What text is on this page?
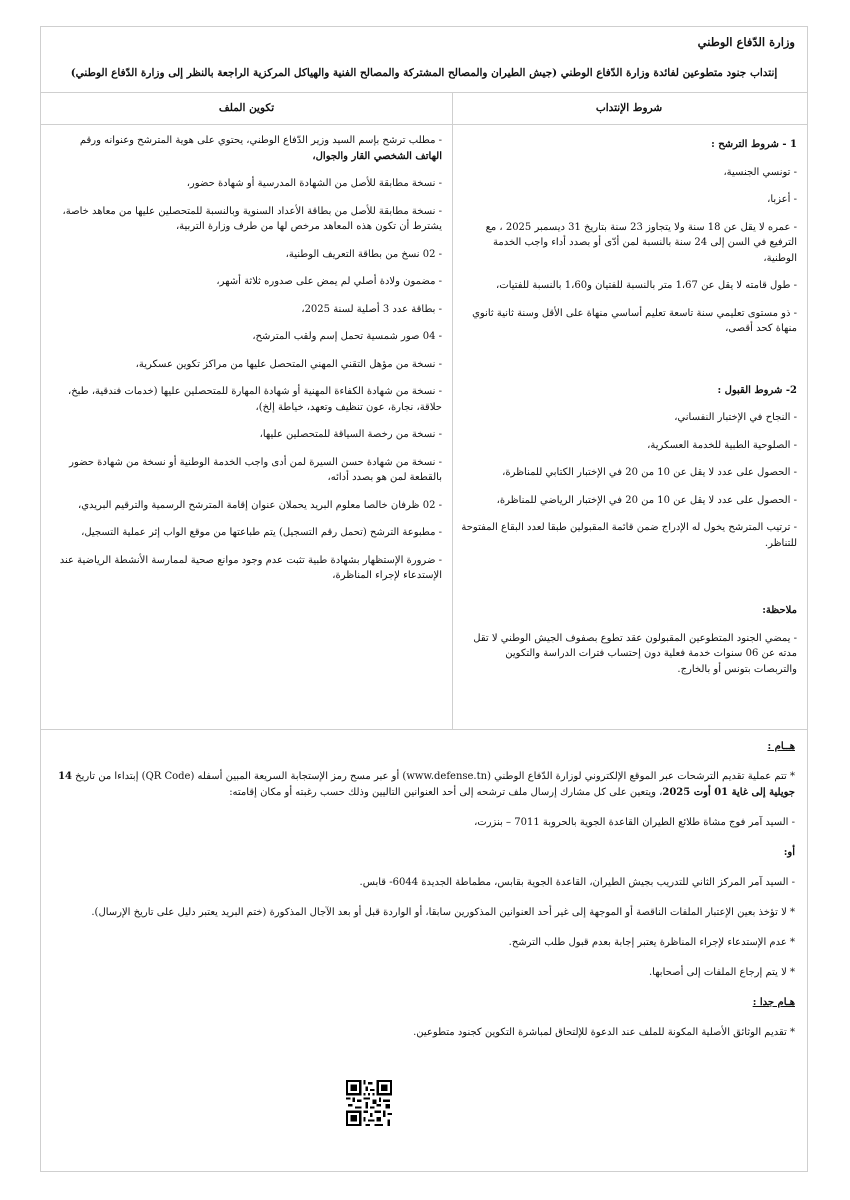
وزارة الدّفاع الوطني
إنتداب جنود متطوعين لفائدة وزارة الدّفاع الوطني (جيش الطيران والمصالح المشتركة والمصالح الفنية والهياكل المركزية الراجعة بالنظر إلى وزارة الدّفاع الوطني)
شروط الإنتداب
1 - شروط الترشح :
- تونسي الجنسية،
- أعزبا،
- عمره لا يقل عن 18 سنة ولا يتجاوز 23 سنة بتاريخ 31 ديسمبر 2025 ، مع الترفيع في السن إلى 24 سنة بالنسبة لمن أدّى أو بصدد أداء واجب الخدمة الوطنية،
- طول قامته لا يقل عن 1،67 متر بالنسبة للفتيان و1،60 بالنسبة للفتيات،
- ذو مستوى تعليمي سنة تاسعة تعليم أساسي منهاة على الأقل وسنة ثانية ثانوي منهاة كحد أقصى،
2- شروط القبول :
- النجاح في الإختبار النفساني،
- الصلوحية الطبية للخدمة العسكرية،
- الحصول على عدد لا يقل عن 10 من 20 في الإختبار الكتابي للمناظرة،
- الحصول على عدد لا يقل عن 10 من 20 في الإختبار الرياضي للمناظرة،
- ترتيب المترشح يخول له الإدراج ضمن قائمة المقبولين طبقا لعدد البقاع المفتوحة للتناظر.
ملاحظة:
- يمضي الجنود المتطوعين المقبولون عقد تطوع بصفوف الجيش الوطني لا تقل مدته عن 06 سنوات خدمة فعلية دون إحتساب فترات الدراسة والتكوين والتربصات بتونس أو بالخارج.
تكوين الملف
- مطلب ترشح بإسم السيد وزير الدّفاع الوطني، يحتوي على هوية المترشح وعنوانه ورقم الهاتف الشخصي القار والجوال،
- نسخة مطابقة للأصل من الشهادة المدرسية أو شهادة حضور،
- نسخة مطابقة للأصل من بطاقة الأعداد السنوية وبالنسبة للمتحصلين عليها من معاهد خاصة، يشترط أن تكون هذه المعاهد مرخص لها من طرف وزارة التربية،
- 02 نسخ من بطاقة التعريف الوطنية،
- مضمون ولادة أصلي لم يمض على صدوره ثلاثة أشهر،
- بطاقة عدد 3 أصلية لسنة 2025،
- 04 صور شمسية تحمل إسم ولقب المترشح،
- نسخة من مؤهل التقني المهني المتحصل عليها من مراكز تكوين عسكرية،
- نسخة من شهادة الكفاءة المهنية أو شهادة المهارة للمتحصلين عليها (خدمات فندقية، طبخ، حلاقة، نجارة، عون تنظيف وتعهد، خياطة إلخ)،
- نسخة من رخصة السياقة للمتحصلين عليها،
- نسخة من شهادة حسن السيرة لمن أدى واجب الخدمة الوطنية أو نسخة من شهادة حضور بالقطعة لمن هو بصدد أدائه،
- 02 ظرفان خالصا معلوم البريد يحملان عنوان إقامة المترشح الرسمية والترقيم البريدي،
- مطبوعة الترشح (تحمل رقم التسجيل) يتم طباعتها من موقع الواب إثر عملية التسجيل،
- ضرورة الإستظهار بشهادة طبية تثبت عدم وجود موانع صحية لممارسة الأنشطة الرياضية عند الإستدعاء لإجراء المناظرة،

هــام :

* تتم عملية تقديم الترشحات عبر الموقع الإلكتروني لوزارة الدّفاع الوطني (www.defense.tn) أو عبر مسح رمز الإستجابة السريعة المبين أسفله (QR Code) إبتداءا من تاريخ 14 جويلية إلى غاية 01 أوت 2025، ويتعين على كل مشارك إرسال ملف ترشحه إلى أحد العنوانين التاليين وذلك حسب رغبته أو مكان إقامته:

- السيد آمر فوج مشاة طلائع الطيران القاعدة الجوية بالحروبة 7011 – بنزرت،

أو:

- السيد آمر المركز الثاني للتدريب بجيش الطيران، القاعدة الجوية بقابس، مطماطة الجديدة 6044- قابس.

* لا تؤخذ بعين الإعتبار الملفات الناقصة أو الموجهة إلى غير أحد العنوانين المذكورين سابقا، أو الواردة قبل أو بعد الآجال المذكورة (ختم البريد يعتبر دليل على تاريخ الإرسال).

* عدم الإستدعاء لإجراء المناظرة يعتبر إجابة بعدم قبول طلب الترشح.

* لا يتم إرجاع الملفات إلى أصحابها.

هـام جدا :

* تقديم الوثائق الأصلية المكونة للملف عند الدعوة للإلتحاق لمباشرة التكوين كجنود متطوعين.
